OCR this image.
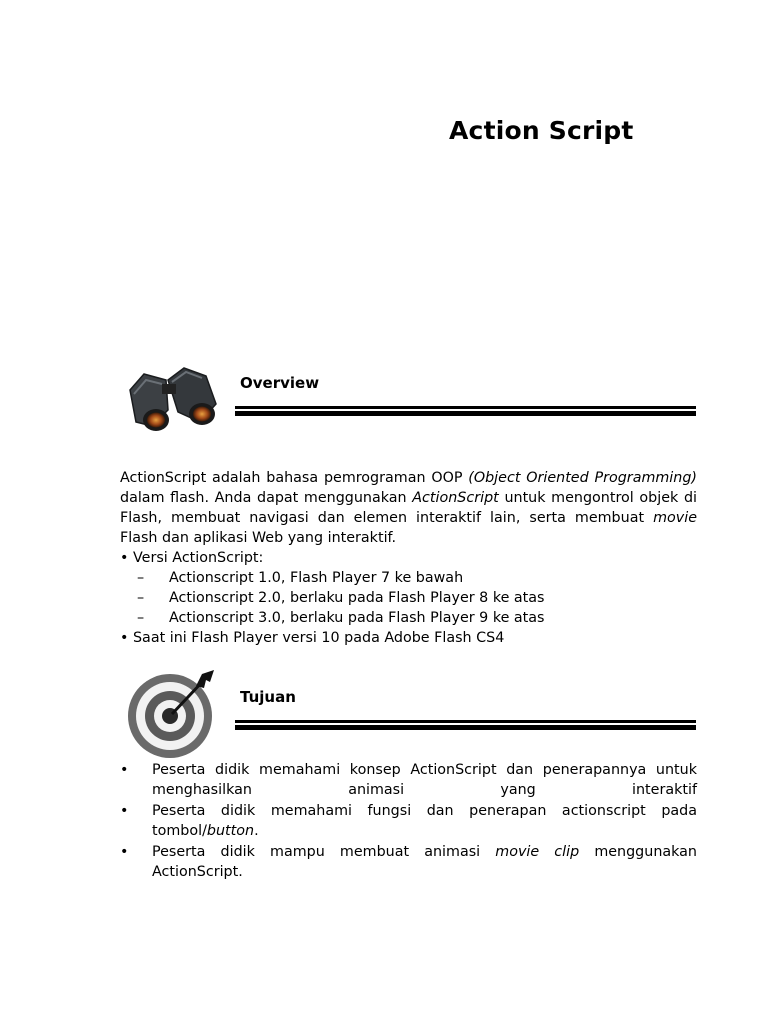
Action Script
Overview

ActionScript adalah bahasa pemrograman OOP (Object Oriented Programming) dalam flash. Anda dapat menggunakan ActionScript untuk mengontrol objek di Flash, membuat navigasi dan elemen interaktif lain, serta membuat movie Flash dan aplikasi Web yang interaktif.

• Versi ActionScript:
– Actionscript 1.0, Flash Player 7 ke bawah
– Actionscript 2.0, berlaku pada Flash Player 8 ke atas
– Actionscript 3.0, berlaku pada Flash Player 9 ke atas
• Saat ini Flash Player versi 10 pada Adobe Flash CS4
Tujuan
• Peserta didik memahami konsep ActionScript dan penerapannya untuk menghasilkan animasi yang interaktif
• Peserta didik memahami fungsi dan penerapan actionscript pada tombol/button.
• Peserta didik mampu membuat animasi movie clip menggunakan ActionScript.
